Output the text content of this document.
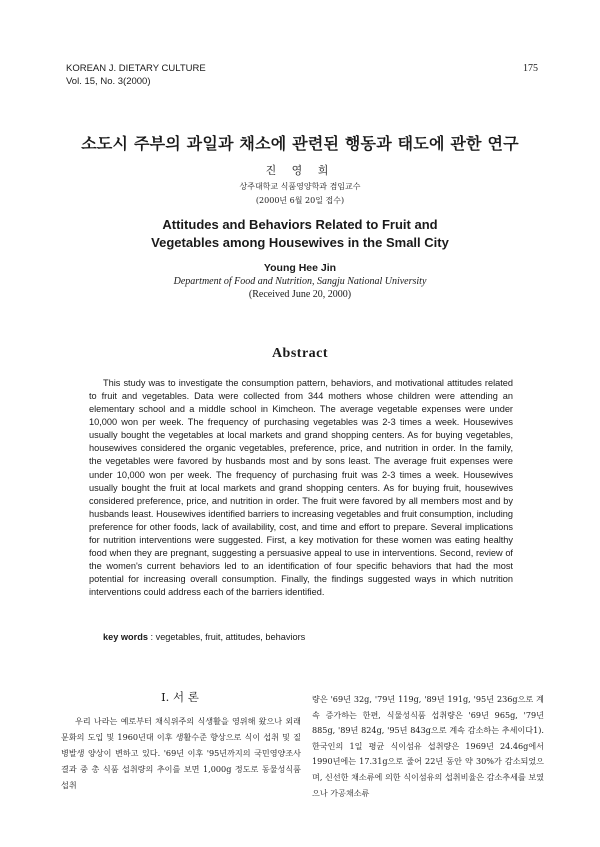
KOREAN J. DIETARY CULTURE
Vol. 15, No. 3(2000)
175
소도시 주부의 과일과 채소에 관련된 행동과 태도에 관한 연구
진 영 희
상주대학교 식품영양학과 겸임교수
(2000년 6월 20일 접수)
Attitudes and Behaviors Related to Fruit and
Vegetables among Housewives in the Small City
Young Hee Jin
Department of Food and Nutrition, Sangju National University
(Received June 20, 2000)
Abstract

This study was to investigate the consumption pattern, behaviors, and motivational attitudes related to fruit and vegetables. Data were collected from 344 mothers whose children were attending an elementary school and a middle school in Kimcheon. The average vegetable expenses were under 10,000 won per week. The frequency of purchasing vegetables was 2-3 times a week. Housewives usually bought the vegetables at local markets and grand shopping centers. As for buying vegetables, housewives considered the organic vegetables, preference, price, and nutrition in order. In the family, the vegetables were favored by husbands most and by sons least. The average fruit expenses were under 10,000 won per week. The frequency of purchasing fruit was 2-3 times a week. Housewives usually bought the fruit at local markets and grand shopping centers. As for buying fruit, housewives considered preference, price, and nutrition in order. The fruit were favored by all members most and by husbands least. Housewives identified barriers to increasing vegetables and fruit consumption, including preference for other foods, lack of availability, cost, and time and effort to prepare. Several implications for nutrition interventions were suggested. First, a key motivation for these women was eating healthy food when they are pregnant, suggesting a persuasive appeal to use in interventions. Second, review of the women's current behaviors led to an identification of four specific behaviors that had the most potential for increasing overall consumption. Finally, the findings suggested ways in which nutrition interventions could address each of the barriers identified.

key words : vegetables, fruit, attitudes, behaviors
I. 서 론

우리 나라는 예로부터 채식위주의 식생활을 영위해 왔으나 외래문화의 도입 및 1960년대 이후 생활수준 향상으로 식이 섭취 및 질병발생 양상이 변하고 있다. '69년 이후 '95년까지의 국민영양조사 결과 중 총 식품 섭취량의 추이를 보면 1,000g 정도로 동물성식품 섭취

량은 '69년 32g, '79년 119g, '89년 191g, '95년 236g으로 계속 증가하는 한편, 식물성식품 섭취량은 '69년 965g, '79년 885g, '89년 824g, '95년 843g으로 계속 감소하는 추세이다1). 한국인의 1일 평균 식이섬유 섭취량은 1969년 24.46g에서 1990년에는 17.31g으로 줄어 22년 동안 약 30%가 감소되었으며, 신선한 채소류에 의한 식이섬유의 섭취비율은 감소추세를 보였으나 가공채소류
